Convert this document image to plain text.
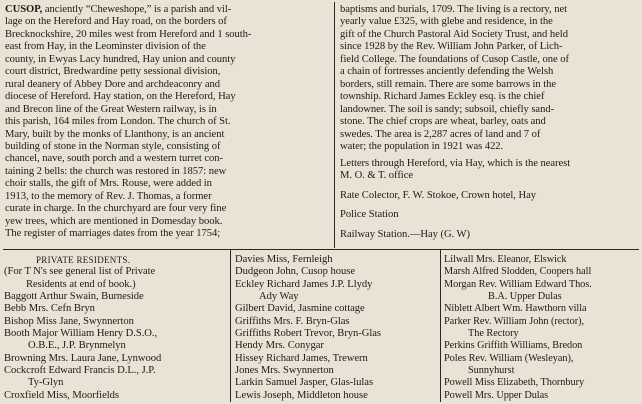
CUSOP, anciently “Cheweshope,” is a parish and vil-
lage on the Hereford and Hay road, on the borders of
Brecknockshire, 20 miles west from Hereford and 1 south-
east from Hay, in the Leominster division of the
county, in Ewyas Lacy hundred, Hay union and county
court district, Bredwardine petty sessional division,
rural deanery of Abbey Dore and archdeaconry and
diocese of Hereford. Hay station, on the Hereford, Hay
and Brecon line of the Great Western railway, is in
this parish, 164 miles from London. The church of St.
Mary, built by the monks of Llanthony, is an ancient
building of stone in the Norman style, consisting of
chancel, nave, south porch and a western turret con-
taining 2 bells: the church was restored in 1857: new
choir stalls, the gift of Mrs. Rouse, were added in
1913, to the memory of Rev. J. Thomas, a former
curate in charge. In the churchyard are four very fine
yew trees, which are mentioned in Domesday book.
The register of marriages dates from the year 1754;
baptisms and burials, 1709. The living is a rectory, net
yearly value £325, with glebe and residence, in the
gift of the Church Pastoral Aid Society Trust, and held
since 1928 by the Rev. William John Parker, of Lich-
field College. The foundations of Cusop Castle, one of
a chain of fortresses anciently defending the Welsh
borders, still remain. There are some barrows in the
township. Richard James Eckley esq. is the chief
landowner. The soil is sandy; subsoil, chiefly sand-
stone. The chief crops are wheat, barley, oats and
swedes. The area is 2,287 acres of land and 7 of
water; the population in 1921 was 422.
Letters through Hereford, via Hay, which is the nearest
M. O. & T. office
Rate Colector, F. W. Stokoe, Crown hotel, Hay
Police Station
Railway Station.—Hay (G. W)
PRIVATE RESIDENTS.
(For T N's see general list of Private
Residents at end of book.)
Baggott Arthur Swain, Burneside
Bebb Mrs. Cefn Bryn
Bishop Miss Jane, Swynnerton
Booth Major William Henry D.S.O.,
O.B.E., J.P. Brynmelyn
Browning Mrs. Laura Jane, Lynwood
Cockcroft Edward Francis D.L., J.P.
Ty-Glyn
Croxfield Miss, Moorfields
Davies Miss, Fernleigh
Dudgeon John, Cusop house
Eckley Richard James J.P. Llydy
Ady Way
Gilbert David, Jasmine cottage
Griffiths Mrs. F. Bryn-Glas
Griffiths Robert Trevor, Bryn-Glas
Hendy Mrs. Conygar
Hissey Richard James, Trewern
Jones Mrs. Swynnerton
Larkin Samuel Jasper, Glas-lulas
Lewis Joseph, Middleton house
Lilwall Mrs. Eleanor, Elswick
Marsh Alfred Slodden, Coopers hall
Morgan Rev. William Edward Thos.
B.A. Upper Dulas
Niblett Albert Wm. Hawthorn villa
Parker Rev. William John (rector),
The Rectory
Perkins Griffith Williams, Bredon
Poles Rev. William (Wesleyan),
Sunnyhurst
Powell Miss Elizabeth, Thornbury
Powell Mrs. Upper Dulas
